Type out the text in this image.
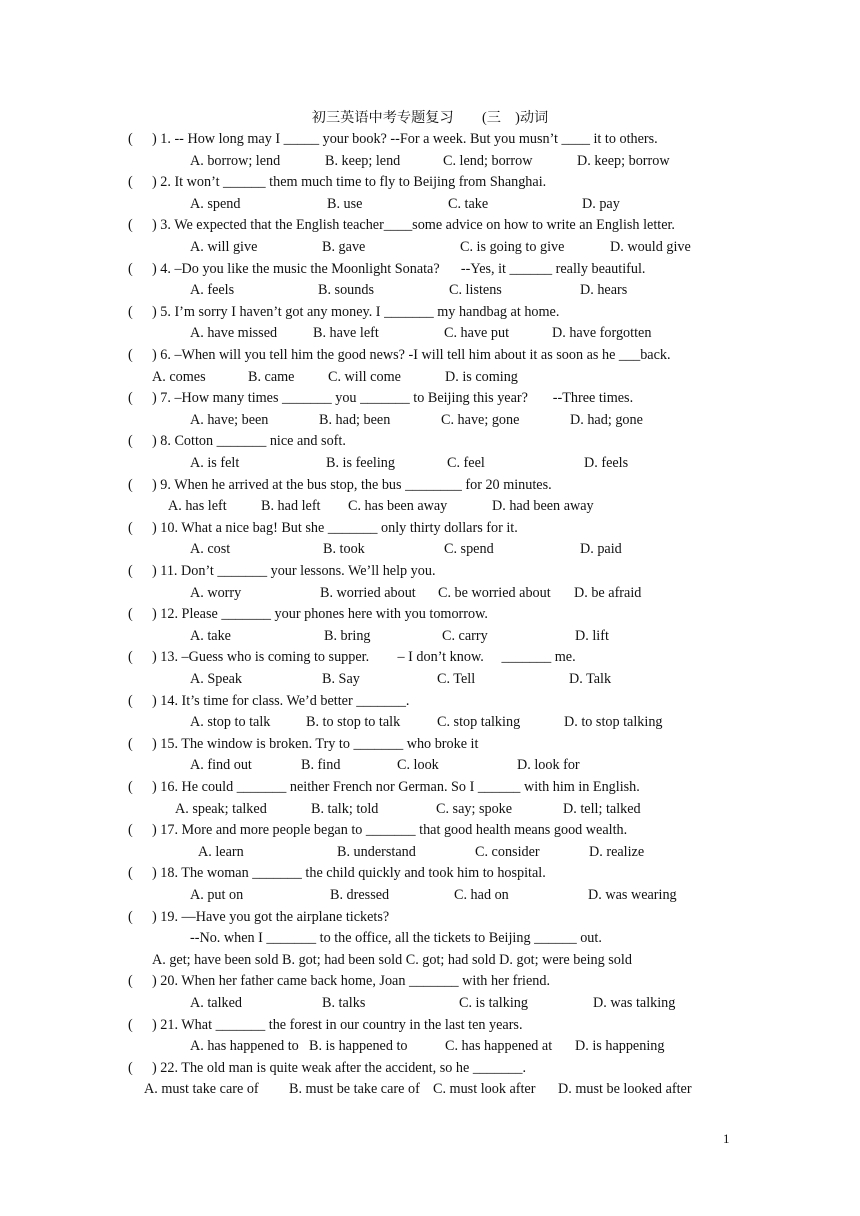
初三英语中考专题复习　　(三　)动词
( ) 1. -- How long may I _____ your book? --For a week. But you musn’t ____ it to others.
A. borrow; lend	B. keep; lend	C. lend; borrow	D. keep; borrow
( ) 2. It won’t ______ them much time to fly to Beijing from Shanghai.
A. spend	B. use	C. take	D. pay
( ) 3. We expected that the English teacher____some advice on how to write an English letter.
A. will give	B. gave	C. is going to give	D. would give
( ) 4. –Do you like the music the Moonlight Sonata?      --Yes, it ______ really beautiful.
A. feels	B. sounds	C. listens	D. hears
( ) 5. I’m sorry I haven’t got any money. I _______ my handbag at home.
A. have missed	B. have left	C. have put	D. have forgotten
( ) 6. –When will you tell him the good news? -I will tell him about it as soon as he ___back.
A. comes	B. came C. will come	D. is coming
( ) 7. –How many times _______ you _______ to Beijing this year?       --Three times.
A. have; been	B. had; been	C. have; gone	D. had; gone
( ) 8. Cotton _______ nice and soft.
A. is felt	B. is feeling	C. feel	D. feels
( ) 9. When he arrived at the bus stop, the bus ________ for 20 minutes.
A. has left B. had left C. has been away	D. had been away
( ) 10. What a nice bag! But she _______ only thirty dollars for it.
A. cost	B. took	C. spend	D. paid
( ) 11. Don’t _______ your lessons. We’ll help you.
A. worry	B. worried about C. be worried about D. be afraid
( ) 12. Please _______ your phones here with you tomorrow.
A. take	B. bring	C. carry	D. lift
( ) 13. –Guess who is coming to supper.        – I don’t know.     _______ me.
A. Speak	B. Say	C. Tell	D. Talk
( ) 14. It’s time for class. We’d better _______.
A. stop to talk	B. to stop to talk	C. stop talking	D. to stop talking
( ) 15. The window is broken. Try to _______ who broke it
A. find out	B. find	C. look	D. look for
( ) 16. He could _______ neither French nor German. So I ______ with him in English.
A. speak; talked	B. talk; told	C. say; spoke	D. tell; talked
( ) 17. More and more people began to _______ that good health means good wealth.
A. learn	B. understand	C. consider	D. realize
( ) 18. The woman _______ the child quickly and took him to hospital.
A. put on	B. dressed	C. had on	D. was wearing
( ) 19. —Have you got the airplane tickets?
--No. when I _______ to the office, all the tickets to Beijing ______ out.
A. get; have been sold B. got; had been sold C. got; had sold D. got; were being sold
( ) 20. When her father came back home, Joan _______ with her friend.
A. talked	B. talks	C. is talking	D. was talking
( ) 21. What _______ the forest in our country in the last ten years.
A. has happened to B. is happened to	C. has happened at D. is happening
( ) 22. The old man is quite weak after the accident, so he _______.
A. must take care of B. must be take care of C. must look after D. must be looked after
1
